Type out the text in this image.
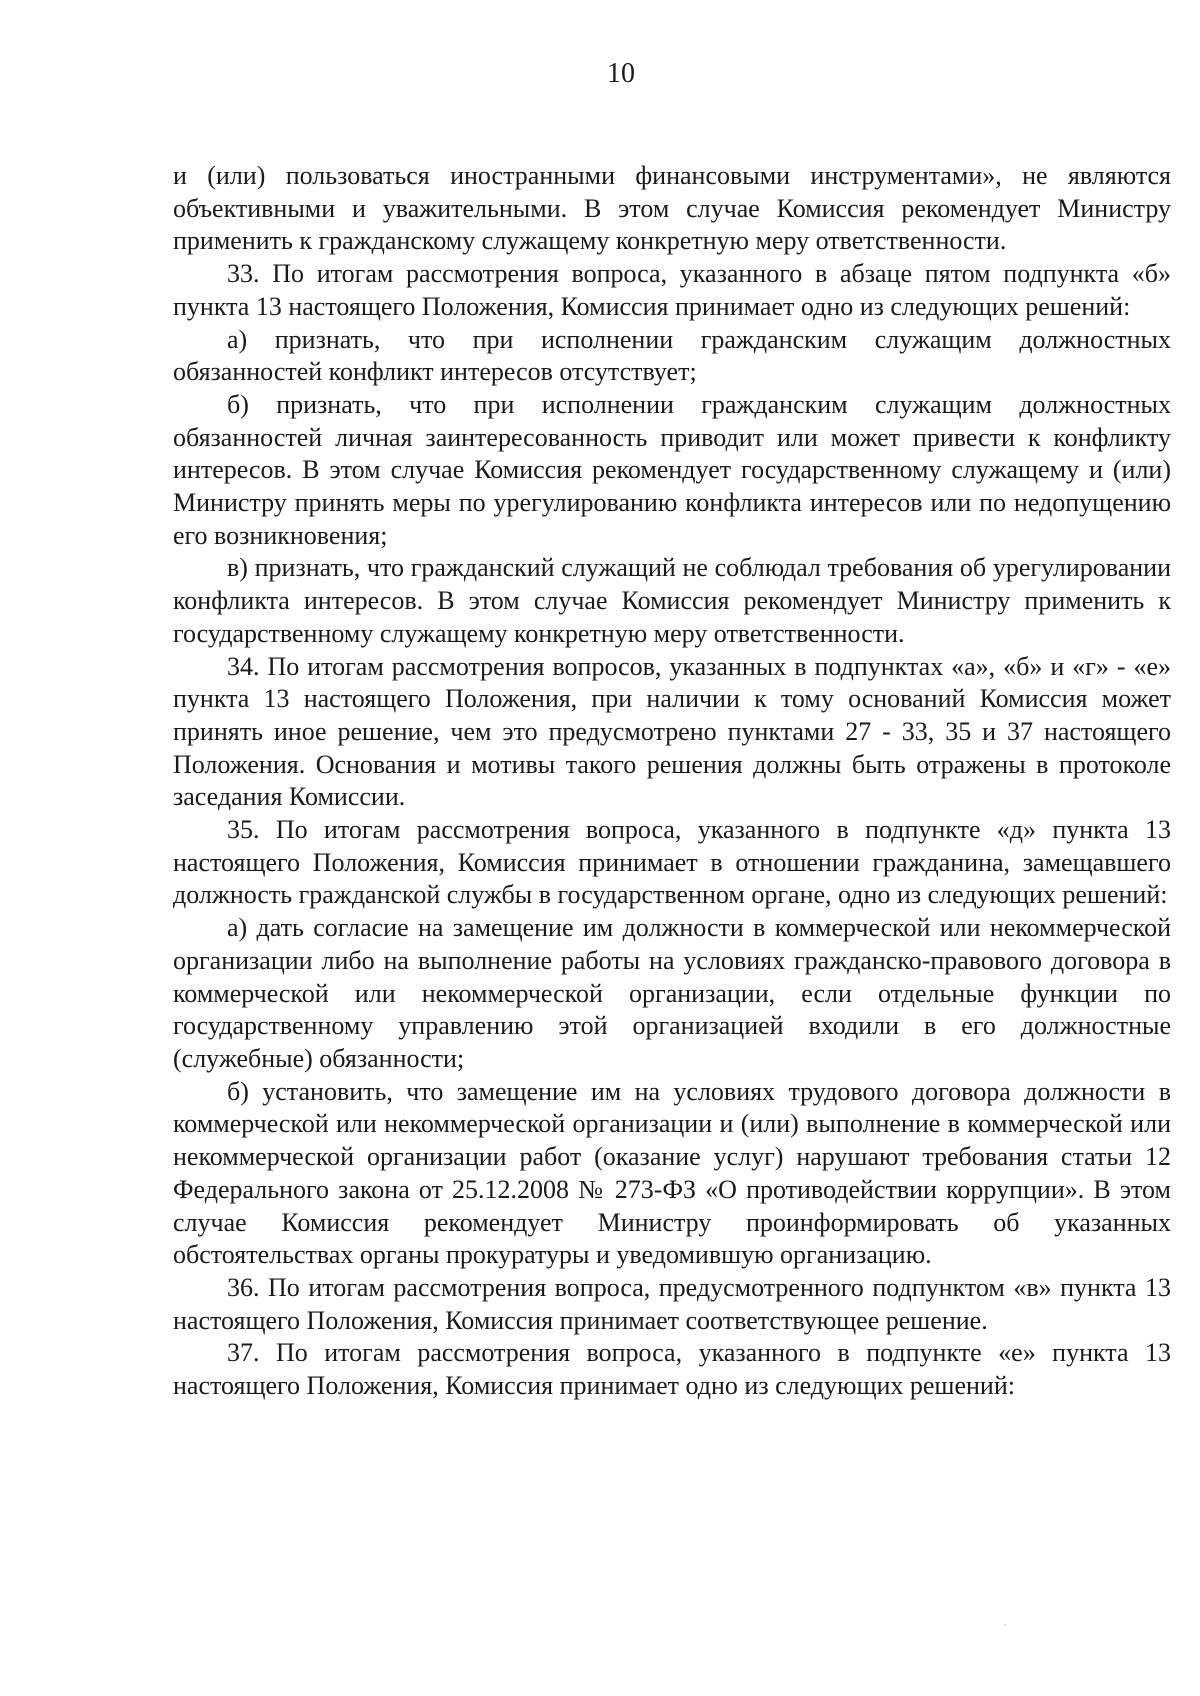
10

и (или) пользоваться иностранными финансовыми инструментами», не являются объективными и уважительными. В этом случае Комиссия рекомендует Министру применить к гражданскому служащему конкретную меру ответственности.

33. По итогам рассмотрения вопроса, указанного в абзаце пятом подпункта «б» пункта 13 настоящего Положения, Комиссия принимает одно из следующих решений:

а) признать, что при исполнении гражданским служащим должностных обязанностей конфликт интересов отсутствует;

б) признать, что при исполнении гражданским служащим должностных обязанностей личная заинтересованность приводит или может привести к конфликту интересов. В этом случае Комиссия рекомендует государственному служащему и (или) Министру принять меры по урегулированию конфликта интересов или по недопущению его возникновения;

в) признать, что гражданский служащий не соблюдал требования об урегулировании конфликта интересов. В этом случае Комиссия рекомендует Министру применить к государственному служащему конкретную меру ответственности.

34. По итогам рассмотрения вопросов, указанных в подпунктах «а», «б» и «г» - «е» пункта 13 настоящего Положения, при наличии к тому оснований Комиссия может принять иное решение, чем это предусмотрено пунктами 27 - 33, 35 и 37 настоящего Положения. Основания и мотивы такого решения должны быть отражены в протоколе заседания Комиссии.

35. По итогам рассмотрения вопроса, указанного в подпункте «д» пункта 13 настоящего Положения, Комиссия принимает в отношении гражданина, замещавшего должность гражданской службы в государственном органе, одно из следующих решений:

а) дать согласие на замещение им должности в коммерческой или некоммерческой организации либо на выполнение работы на условиях гражданско-правового договора в коммерческой или некоммерческой организации, если отдельные функции по государственному управлению этой организацией входили в его должностные (служебные) обязанности;

б) установить, что замещение им на условиях трудового договора должности в коммерческой или некоммерческой организации и (или) выполнение в коммерческой или некоммерческой организации работ (оказание услуг) нарушают требования статьи 12 Федерального закона от 25.12.2008 № 273-ФЗ «О противодействии коррупции». В этом случае Комиссия рекомендует Министру проинформировать об указанных обстоятельствах органы прокуратуры и уведомившую организацию.

36. По итогам рассмотрения вопроса, предусмотренного подпунктом «в» пункта 13 настоящего Положения, Комиссия принимает соответствующее решение.

37. По итогам рассмотрения вопроса, указанного в подпункте «е» пункта 13 настоящего Положения, Комиссия принимает одно из следующих решений:
